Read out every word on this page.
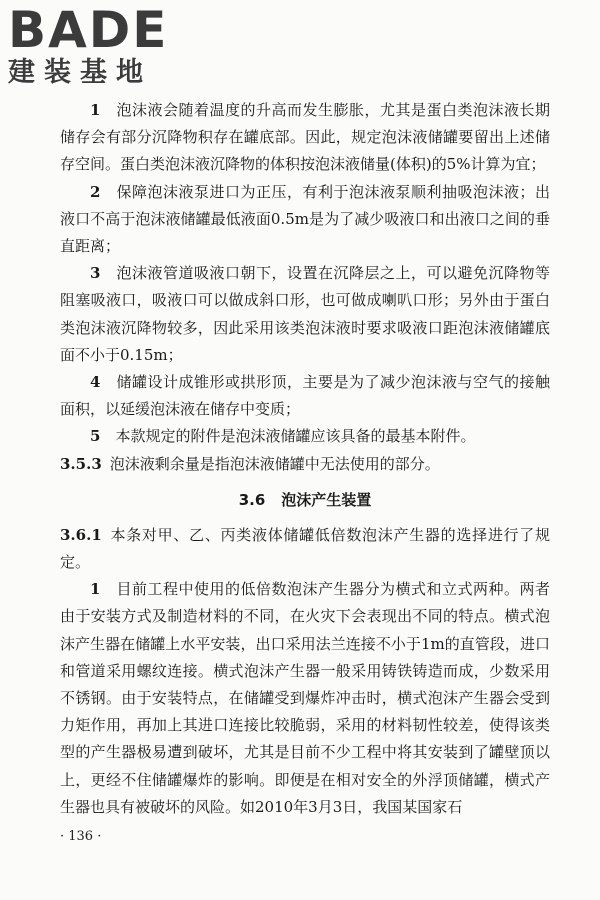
BADE
建装基地

1　 泡沫液会随着温度的升高而发生膨胀，尤其是蛋白类泡沫液长期储存会有部分沉降物积存在罐底部。因此，规定泡沫液储罐要留出上述储存空间。蛋白类泡沫液沉降物的体积按泡沫液储量(体积)的5%计算为宜；

2　 保障泡沫液泵进口为正压，有利于泡沫液泵顺利抽吸泡沫液；出液口不高于泡沫液储罐最低液面0.5m是为了减少吸液口和出液口之间的垂直距离；

3　 泡沫液管道吸液口朝下，设置在沉降层之上，可以避免沉降物等阻塞吸液口，吸液口可以做成斜口形，也可做成喇叭口形；另外由于蛋白类泡沫液沉降物较多，因此采用该类泡沫液时要求吸液口距泡沫液储罐底面不小于0.15m；

4　 储罐设计成锥形或拱形顶，主要是为了减少泡沫液与空气的接触面积，以延缓泡沫液在储存中变质；

5　 本款规定的附件是泡沫液储罐应该具备的最基本附件。

3.5.3 泡沫液剩余量是指泡沫液储罐中无法使用的部分。

3.6 泡沫产生装置

3.6.1 本条对甲、乙、丙类液体储罐低倍数泡沫产生器的选择进行了规定。

1　 目前工程中使用的低倍数泡沫产生器分为横式和立式两种。两者由于安装方式及制造材料的不同，在火灾下会表现出不同的特点。横式泡沫产生器在储罐上水平安装，出口采用法兰连接不小于1m的直管段，进口和管道采用螺纹连接。横式泡沫产生器一般采用铸铁铸造而成，少数采用不锈钢。由于安装特点，在储罐受到爆炸冲击时，横式泡沫产生器会受到力矩作用，再加上其进口连接比较脆弱，采用的材料韧性较差，使得该类型的产生器极易遭到破坏，尤其是目前不少工程中将其安装到了罐壁顶以上，更经不住储罐爆炸的影响。即便是在相对安全的外浮顶储罐，横式产生器也具有被破坏的风险。如2010年3月3日，我国某国家石

· 136 ·
